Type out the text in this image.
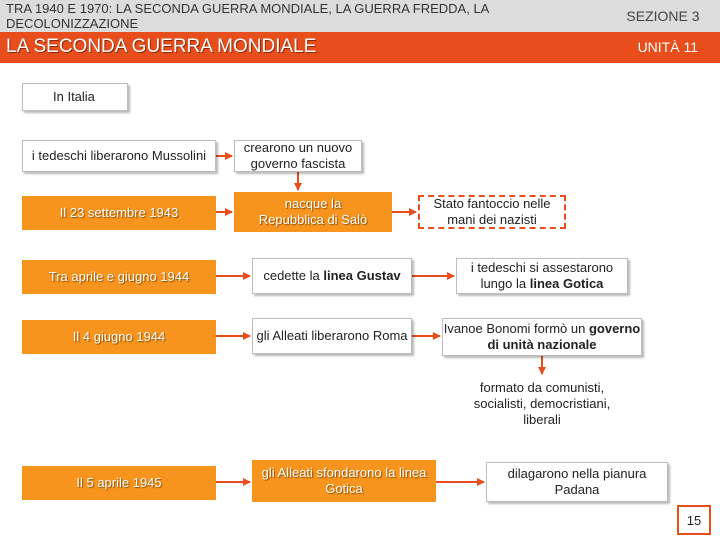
TRA 1940 E 1970: LA SECONDA GUERRA MONDIALE, LA GUERRA FREDDA, LA DECOLONIZZAZIONE	SEZIONE 3
LA SECONDA GUERRA MONDIALE	UNITÀ 11
In Italia
i tedeschi liberarono Mussolini
crearono un nuovo governo fascista
Il 23 settembre 1943
nacque la
Repubblica di Salò
Stato fantoccio nelle mani dei nazisti
Tra aprile e giugno 1944	cedette la linea Gustav
i tedeschi si assestarono lungo la linea Gotica
Il 4 giugno 1944	gli Alleati liberarono Roma	Ivanoe Bonomi formò un governo di unità nazionale
formato da comunisti, socialisti, democristiani, liberali
Il 5 aprile 1945
gli Alleati sfondarono la linea Gotica
dilagarono nella pianura Padana
15
